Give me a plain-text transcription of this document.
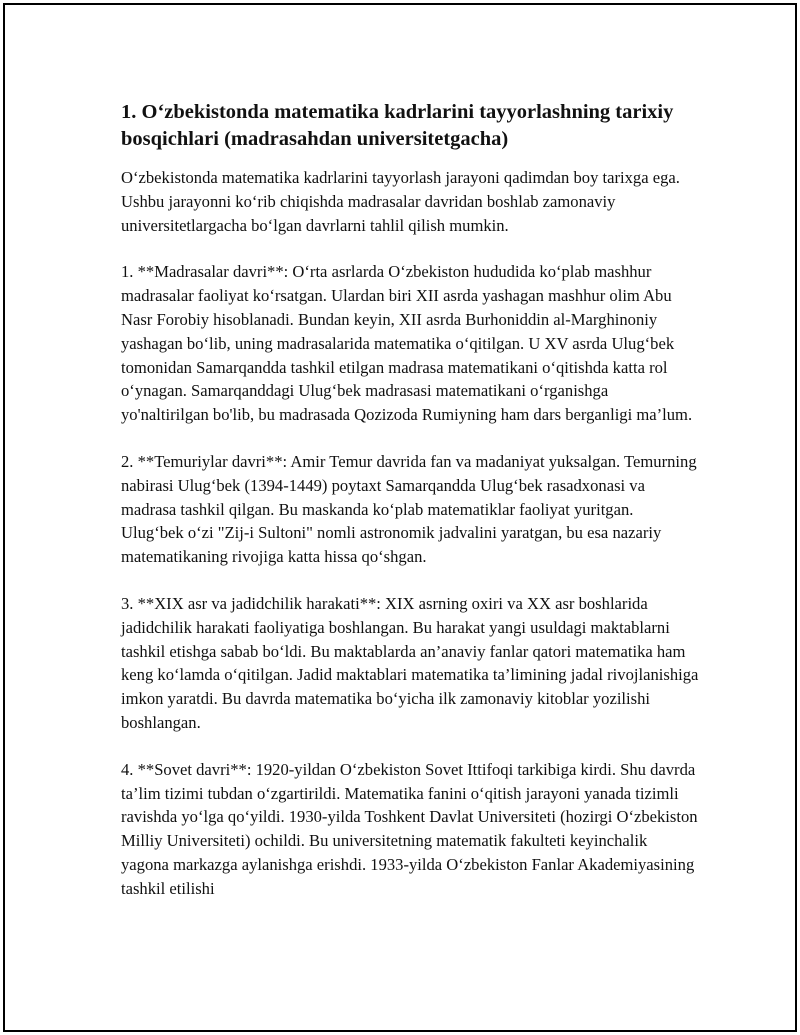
1. O‘zbekistonda matematika kadrlarini tayyorlashning tarixiy bosqichlari (madrasahdan universitetgacha)

O‘zbekistonda matematika kadrlarini tayyorlash jarayoni qadimdan boy tarixga ega. Ushbu jarayonni ko‘rib chiqishda madrasalar davridan boshlab zamonaviy universitetlargacha bo‘lgan davrlarni tahlil qilish mumkin.

1. **Madrasalar davri**: O‘rta asrlarda O‘zbekiston hududida ko‘plab mashhur madrasalar faoliyat ko‘rsatgan. Ulardan biri XII asrda yashagan mashhur olim Abu Nasr Forobiy hisoblanadi. Bundan keyin, XII asrda Burhoniddin al-Marghinoniy yashagan bo‘lib, uning madrasalarida matematika o‘qitilgan. U XV asrda Ulug‘bek tomonidan Samarqandda tashkil etilgan madrasa matematikani o‘qitishda katta rol o‘ynagan. Samarqanddagi Ulug‘bek madrasasi matematikani o‘rganishga yo'naltirilgan bo'lib, bu madrasada Qozizoda Rumiyning ham dars berganligi ma’lum.

2. **Temuriylar davri**: Amir Temur davrida fan va madaniyat yuksalgan. Temurning nabirasi Ulug‘bek (1394-1449) poytaxt Samarqandda Ulug‘bek rasadxonasi va madrasa tashkil qilgan. Bu maskanda ko‘plab matematiklar faoliyat yuritgan. Ulug‘bek o‘zi "Zij-i Sultoni" nomli astronomik jadvalini yaratgan, bu esa nazariy matematikaning rivojiga katta hissa qo‘shgan.

3. **XIX asr va jadidchilik harakati**: XIX asrning oxiri va XX asr boshlarida jadidchilik harakati faoliyatiga boshlangan. Bu harakat yangi usuldagi maktablarni tashkil etishga sabab bo‘ldi. Bu maktablarda an’anaviy fanlar qatori matematika ham keng ko‘lamda o‘qitilgan. Jadid maktablari matematika ta’limining jadal rivojlanishiga imkon yaratdi. Bu davrda matematika bo‘yicha ilk zamonaviy kitoblar yozilishi boshlangan.

4. **Sovet davri**: 1920-yildan O‘zbekiston Sovet Ittifoqi tarkibiga kirdi. Shu davrda ta’lim tizimi tubdan o‘zgartirildi. Matematika fanini o‘qitish jarayoni yanada tizimli ravishda yo‘lga qo‘yildi. 1930-yilda Toshkent Davlat Universiteti (hozirgi O‘zbekiston Milliy Universiteti) ochildi. Bu universitetning matematik fakulteti keyinchalik yagona markazga aylanishga erishdi. 1933-yilda O‘zbekiston Fanlar Akademiyasining tashkil etilishi
